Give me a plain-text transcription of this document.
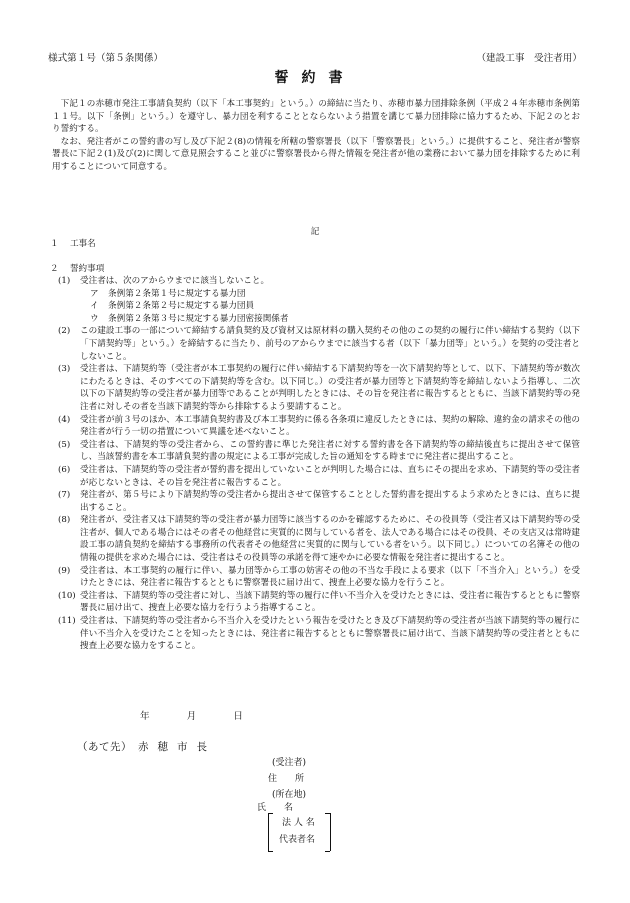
様式第１号（第５条関係）	（建設工事　受注者用）
誓約書

下記１の赤穂市発注工事請負契約（以下「本工事契約」という。）の締結に当たり、赤穂市暴力団排除条例（平成２４年赤穂市条例第１１号。以下「条例」という。）を遵守し、暴力団を利することとならないよう措置を講じて暴力団排除に協力するため、下記２のとおり誓約する。

なお、発注者がこの誓約書の写し及び下記２(8)の情報を所轄の警察署長（以下「警察署長」という。）に提供すること、発注者が警察署長に下記２(1)及び(2)に関して意見照会すること並びに警察署長から得た情報を発注者が他の業務において暴力団を排除するために利用することについて同意する。

記
１　 工事名
２　 誓約事項
(1)	受注者は、次のアからウまでに該当しないこと。
ア	条例第２条第１号に規定する暴力団
イ	条例第２条第２号に規定する暴力団員
ウ	条例第２条第３号に規定する暴力団密接関係者
(2)	この建設工事の一部について締結する請負契約及び資材又は原材料の購入契約その他のこの契約の履行に伴い締結する契約（以下「下請契約等」という。）を締結するに当たり、前号のアからウまでに該当する者（以下「暴力団等」という。）を契約の受注者としないこと。
(3)	受注者は、下請契約等（受注者が本工事契約の履行に伴い締結する下請契約等を一次下請契約等として、以下、下請契約等が数次にわたるときは、そのすべての下請契約等を含む。以下同じ。）の受注者が暴力団等と下請契約等を締結しないよう指導し、二次以下の下請契約等の受注者が暴力団等であることが判明したときには、その旨を発注者に報告するとともに、当該下請契約等の発注者に対しその者を当該下請契約等から排除するよう要請すること。
(4)	受注者が前３号のほか、本工事請負契約書及び本工事契約に係る各条項に違反したときには、契約の解除、違約金の請求その他の発注者が行う一切の措置について異議を述べないこと。
(5)	受注者は、下請契約等の受注者から、この誓約書に準じた発注者に対する誓約書を各下請契約等の締結後直ちに提出させて保管し、当該誓約書を本工事請負契約書の規定による工事が完成した旨の通知をする時までに発注者に提出すること。
(6)	受注者は、下請契約等の受注者が誓約書を提出していないことが判明した場合には、直ちにその提出を求め、下請契約等の受注者が応じないときは、その旨を発注者に報告すること。
(7)	発注者が、第５号により下請契約等の受注者から提出させて保管することとした誓約書を提出するよう求めたときには、直ちに提出すること。
(8)	発注者が、受注者又は下請契約等の受注者が暴力団等に該当するのかを確認するために、その役員等（受注者又は下請契約等の受注者が、個人である場合にはその者その他経営に実質的に関与している者を、法人である場合にはその役員、その支店又は常時建設工事の請負契約を締結する事務所の代表者その他経営に実質的に関与している者をいう。以下同じ。）についての名簿その他の情報の提供を求めた場合には、受注者はその役員等の承諾を得て速やかに必要な情報を発注者に提出すること。
(9)	受注者は、本工事契約の履行に伴い、暴力団等から工事の妨害その他の不当な手段による要求（以下「不当介入」という。）を受けたときには、発注者に報告するとともに警察署長に届け出て、捜査上必要な協力を行うこと。
(10) 受注者は、下請契約等の受注者に対し、当該下請契約等の履行に伴い不当介入を受けたときには、受注者に報告するとともに警察署長に届け出て、捜査上必要な協力を行うよう指導すること。
(11) 受注者は、下請契約等の受注者から不当介入を受けたという報告を受けたとき及び下請契約等の受注者が当該下請契約等の履行に伴い不当介入を受けたことを知ったときには、発注者に報告するとともに警察署長に届け出て、当該下請契約等の受注者とともに捜査上必要な協力をすること。
年	月	日
（あて先） 赤穂市長
(受注者)
住　　所
(所在地)
氏　　名
法 人 名
代表者名
